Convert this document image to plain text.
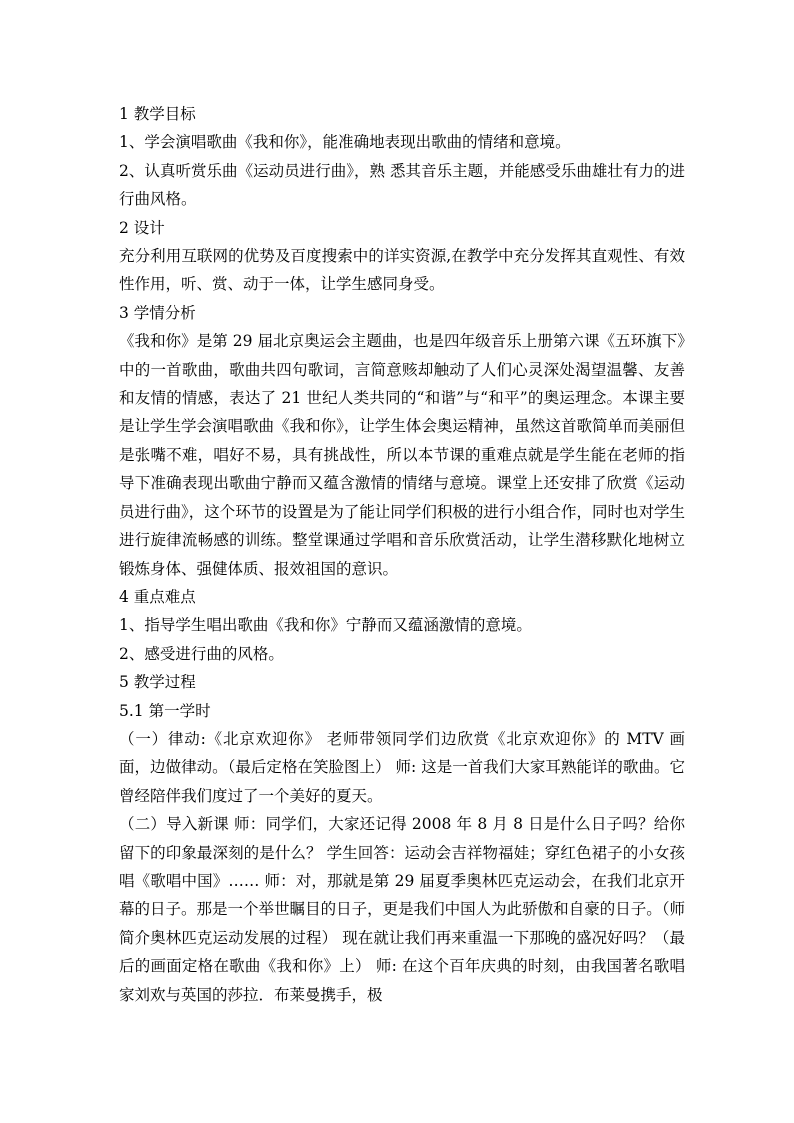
1 教学目标
1、学会演唱歌曲《我和你》，能准确地表现出歌曲的情绪和意境。
2、认真听赏乐曲《运动员进行曲》，熟 悉其音乐主题，并能感受乐曲雄壮有力的进行曲风格。
2 设计
充分利用互联网的优势及百度搜索中的详实资源,在教学中充分发挥其直观性、有效性作用，听、赏、动于一体，让学生感同身受。
3 学情分析
《我和你》是第 29 届北京奥运会主题曲，也是四年级音乐上册第六课《五环旗下》中的一首歌曲，歌曲共四句歌词，言简意赅却触动了人们心灵深处渴望温馨、友善和友情的情感，表达了 21 世纪人类共同的“和谐”与“和平”的奥运理念。本课主要是让学生学会演唱歌曲《我和你》，让学生体会奥运精神，虽然这首歌简单而美丽但是张嘴不难，唱好不易，具有挑战性，所以本节课的重难点就是学生能在老师的指导下准确表现出歌曲宁静而又蕴含激情的情绪与意境。课堂上还安排了欣赏《运动员进行曲》，这个环节的设置是为了能让同学们积极的进行小组合作，同时也对学生进行旋律流畅感的训练。整堂课通过学唱和音乐欣赏活动，让学生潜移默化地树立锻炼身体、强健体质、报效祖国的意识。
4 重点难点
1、指导学生唱出歌曲《我和你》宁静而又蕴涵激情的意境。
2、感受进行曲的风格。
5 教学过程
5.1 第一学时
（一）律动:《北京欢迎你》 老师带领同学们边欣赏《北京欢迎你》的 MTV 画面，边做律动。（最后定格在笑脸图上） 师: 这是一首我们大家耳熟能详的歌曲。它曾经陪伴我们度过了一个美好的夏天。
（二）导入新课 师：同学们，大家还记得 2008 年 8 月 8 日是什么日子吗？给你留下的印象最深刻的是什么？ 学生回答：运动会吉祥物福娃；穿红色裙子的小女孩唱《歌唱中国》…… 师：对，那就是第 29 届夏季奥林匹克运动会，在我们北京开幕的日子。那是一个举世瞩目的日子，更是我们中国人为此骄傲和自豪的日子。（师简介奥林匹克运动发展的过程） 现在就让我们再来重温一下那晚的盛况好吗？（最后的画面定格在歌曲《我和你》上） 师: 在这个百年庆典的时刻，由我国著名歌唱家刘欢与英国的莎拉．布莱曼携手，极
